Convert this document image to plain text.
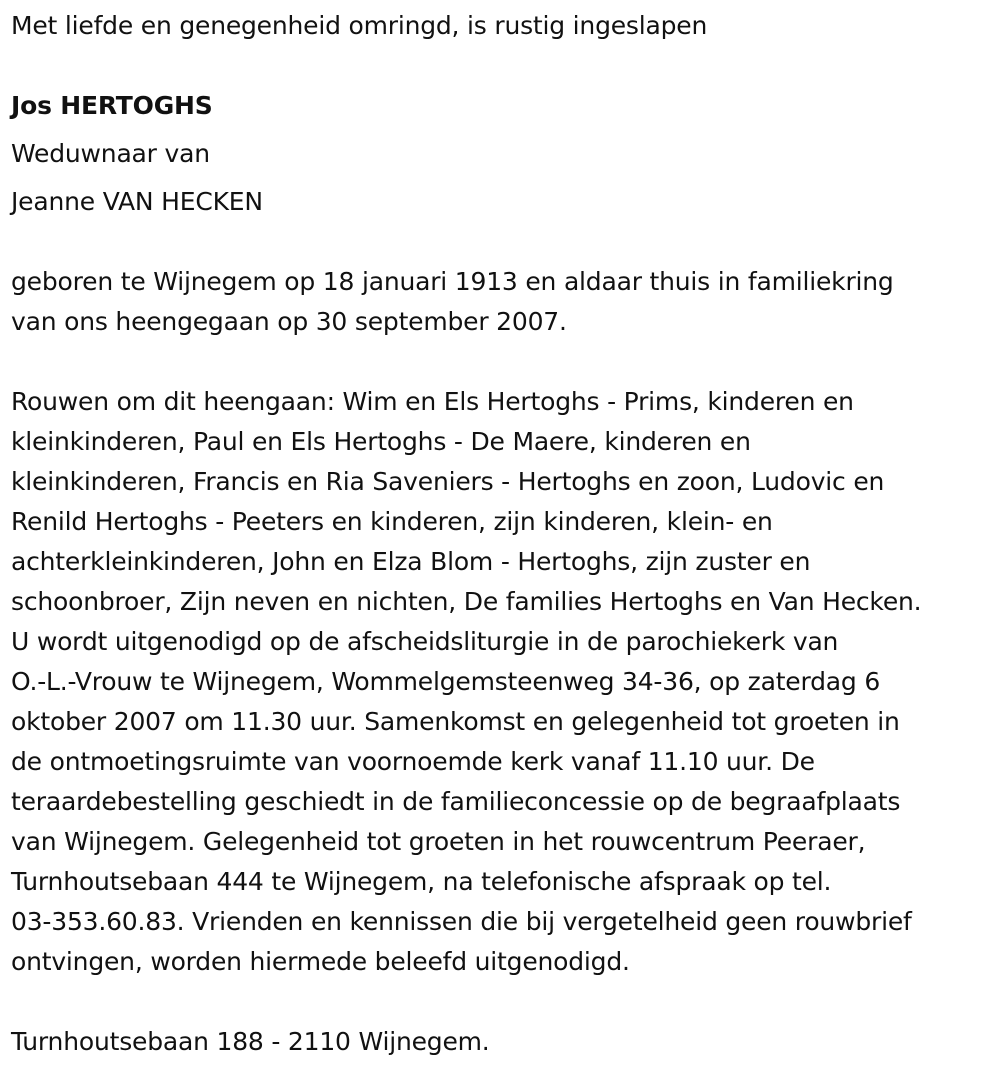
Met liefde en genegenheid omringd, is rustig ingeslapen
Jos HERTOGHS
Weduwnaar van
Jeanne VAN HECKEN
geboren te Wijnegem op 18 januari 1913 en aldaar thuis in familiekring
van ons heengegaan op 30 september 2007.
Rouwen om dit heengaan: Wim en Els Hertoghs - Prims, kinderen en
kleinkinderen, Paul en Els Hertoghs - De Maere, kinderen en
kleinkinderen, Francis en Ria Saveniers - Hertoghs en zoon, Ludovic en
Renild Hertoghs - Peeters en kinderen, zijn kinderen, klein- en
achterkleinkinderen, John en Elza Blom - Hertoghs, zijn zuster en
schoonbroer, Zijn neven en nichten, De families Hertoghs en Van Hecken.
U wordt uitgenodigd op de afscheidsliturgie in de parochiekerk van
O.-L.-Vrouw te Wijnegem, Wommelgemsteenweg 34-36, op zaterdag 6
oktober 2007 om 11.30 uur. Samenkomst en gelegenheid tot groeten in
de ontmoetingsruimte van voornoemde kerk vanaf 11.10 uur. De
teraardebestelling geschiedt in de familieconcessie op de begraafplaats
van Wijnegem. Gelegenheid tot groeten in het rouwcentrum Peeraer,
Turnhoutsebaan 444 te Wijnegem, na telefonische afspraak op tel.
03-353.60.83. Vrienden en kennissen die bij vergetelheid geen rouwbrief
ontvingen, worden hiermede beleefd uitgenodigd.
Turnhoutsebaan 188 - 2110 Wijnegem.
